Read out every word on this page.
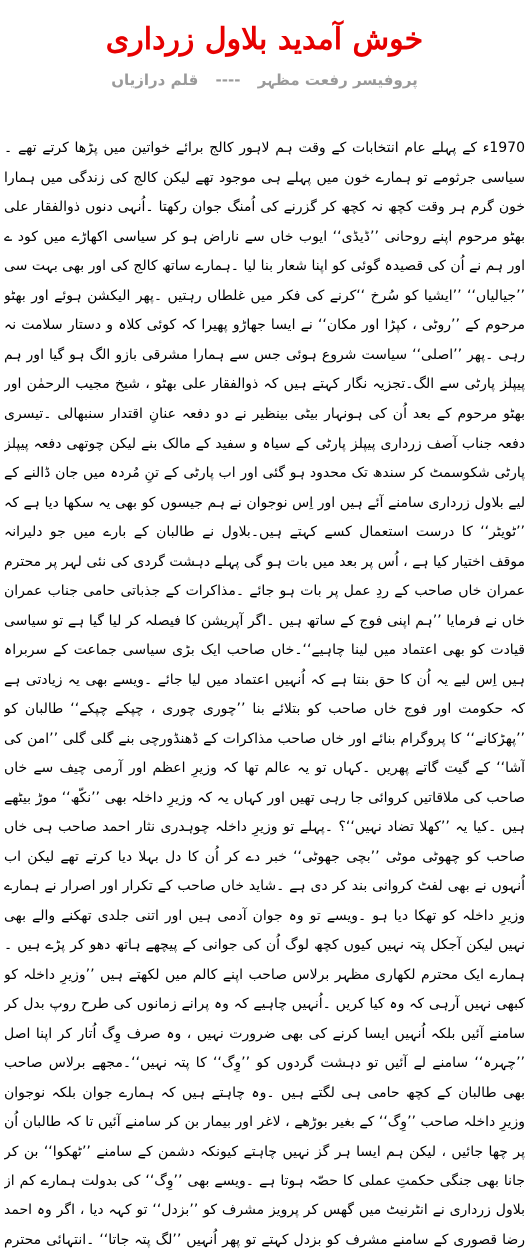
خوش آمدید بلاول زرداری
پروفیسر رفعت مظہر ---- قلم درازیاں

1970ء کے پہلے عام انتخابات کے وقت ہم لاہور کالج برائے خواتین میں پڑھا کرتے تھے ۔سیاسی جرثومے تو ہمارے خون میں پہلے ہی موجود تھے لیکن کالج کی زندگی میں ہمارا خون گرم ہر وقت کچھ نہ کچھ کر گزرنے کی اُمنگ جوان رکھتا ۔اُنہی دنوں ذوالفقار علی بھٹو مرحوم اپنے روحانی ’’ڈیڈی‘‘ ایوب خاں سے ناراض ہو کر سیاسی اکھاڑے میں کود ے اور ہم نے اُن کی قصیدہ گوئی کو اپنا شعار بنا لیا ۔ہمارے ساتھ کالج کی اور بھی بہت سی ’’جیالیاں‘‘ ’’ایشیا کو سُرخ ‘‘کرنے کی فکر میں غلطاں رہتیں ۔پھر الیکشن ہوئے اور بھٹو مرحوم کے ’’روٹی ، کپڑا اور مکان‘‘ نے ایسا جھاڑو پھیرا کہ کوئی کلاہ و دستار سلامت نہ رہی ۔پھر ’’اصلی‘‘ سیاست شروع ہوئی جس سے ہمارا مشرقی بازو الگ ہو گیا اور ہم پیپلز پارٹی سے الگ۔تجزیہ نگار کہتے ہیں کہ ذوالفقار علی بھٹو ، شیخ مجیب الرحمٰن اور

بھٹو مرحوم کے بعد اُن کی ہونہار بیٹی بینظیر نے دو دفعہ عنانِ اقتدار سنبھالی ۔تیسری دفعہ جناب آصف زرداری پیپلز پارٹی کے سیاہ و سفید کے مالک بنے لیکن چوتھی دفعہ پیپلز پارٹی شکوسمٹ کر سندھ تک محدود ہو گئی اور اب پارٹی کے تنِ مُردہ میں جان ڈالنے کے لیے بلاول زرداری سامنے آئے ہیں اور اِس نوجوان نے ہم جیسوں کو بھی یہ سکھا دیا ہے کہ ’’ٹویٹر‘‘ کا درست استعمال کسے کہتے ہیں۔بلاول نے طالبان کے بارے میں جو دلیرانہ موقف اختیار کیا ہے ، اُس پر بعد میں بات ہو گی پہلے دہشت گردی کی نئی لہر پر محترم عمران خاں صاحب کے ردِ عمل پر بات ہو جائے ۔مذاکرات کے جذباتی حامی جناب عمران خاں نے فرمایا ’’ہم اپنی فوج کے ساتھ ہیں ۔اگر آپریشن کا فیصلہ کر لیا گیا ہے تو سیاسی قیادت کو بھی اعتماد میں لینا چاہیے‘‘۔خاں صاحب ایک بڑی سیاسی جماعت کے سربراہ ہیں اِس لیے یہ اُن کا حق بنتا ہے کہ اُنہیں اعتماد میں لیا جائے ۔ویسے بھی یہ زیادتی ہے کہ حکومت اور فوج خاں صاحب کو بتلائے بنا ’’چوری چوری ، چپکے چپکے‘‘ طالبان کو ’’پھڑکانے‘‘ کا پروگرام بنائے اور خاں صاحب مذاکرات کے ڈھنڈورچی بنے گلی گلی ’’امن کی آشا‘‘ کے گیت گاتے پھریں ۔کہاں تو یہ عالم تھا کہ وزیرِ اعظم اور آرمی چیف سے خاں صاحب کی ملاقاتیں کروائی جا رہی تھیں اور کہاں یہ کہ وزیرِ داخلہ بھی ’’نکّھ‘‘ موڑ بیٹھے ہیں ۔کیا یہ ’’کھلا تضاد نہیں‘‘؟ ۔پہلے تو وزیرِ داخلہ چوہدری نثار احمد صاحب ہی خاں صاحب کو چھوٹی موٹی ’’بچی جھوٹی‘‘ خبر دے کر اُن کا دل بہلا دیا کرتے تھے لیکن اب اُنہوں نے بھی لفٹ کروانی بند کر دی ہے ۔شاید خاں صاحب کے تکرار اور اصرار نے ہمارے وزیرِ داخلہ کو تھکا دیا ہو ۔ویسے تو وہ جوان آدمی ہیں اور اتنی جلدی تھکنے والے بھی نہیں لیکن آجکل پتہ نہیں کیوں کچھ لوگ اُن کی جوانی کے پیچھے ہاتھ دھو کر پڑے ہیں ۔ہمارے ایک محترم لکھاری مظہر برلاس صاحب اپنے کالم میں لکھتے ہیں ’’وزیرِ داخلہ کو کبھی نہیں آرہی کہ وہ کیا کریں ۔اُنہیں چاہیے کہ وہ پرانے زمانوں کی طرح روپ بدل کر سامنے آئیں بلکہ اُنہیں ایسا کرنے کی بھی ضرورت نہیں ، وہ صرف وِگ اُتار کر اپنا اصل ’’چہرہ‘‘ سامنے لے آئیں تو دہشت گردوں کو ’’وِگ‘‘ کا پتہ نہیں‘‘۔مجھے برلاس صاحب بھی طالبان کے کچھ حامی ہی لگتے ہیں ۔وہ چاہتے ہیں کہ ہمارے جوان بلکہ نوجوان وزیرِ داخلہ صاحب ’’وِگ‘‘ کے بغیر بوڑھے ، لاغر اور بیمار بن کر سامنے آئیں تا کہ طالبان اُن پر چھا جائیں ، لیکن ہم ایسا ہر گز نہیں چاہتے کیونکہ دشمن کے سامنے ’’ٹھکوا‘‘ بن کر جانا بھی جنگی حکمتِ عملی کا حصّہ ہوتا ہے ۔ویسے بھی ’’وِگ‘‘ کی بدولت ہمارے کم از

بلاول زرداری نے انٹرنیٹ میں گھس کر پرویز مشرف کو ’’بزدل‘‘ تو کہہ دیا ، اگر وہ احمد رضا قصوری کے سامنے مشرف کو بزدل کہتے تو پھر اُنہیں ’’لگ پتہ جاتا‘‘ ۔انتہائی محترم
